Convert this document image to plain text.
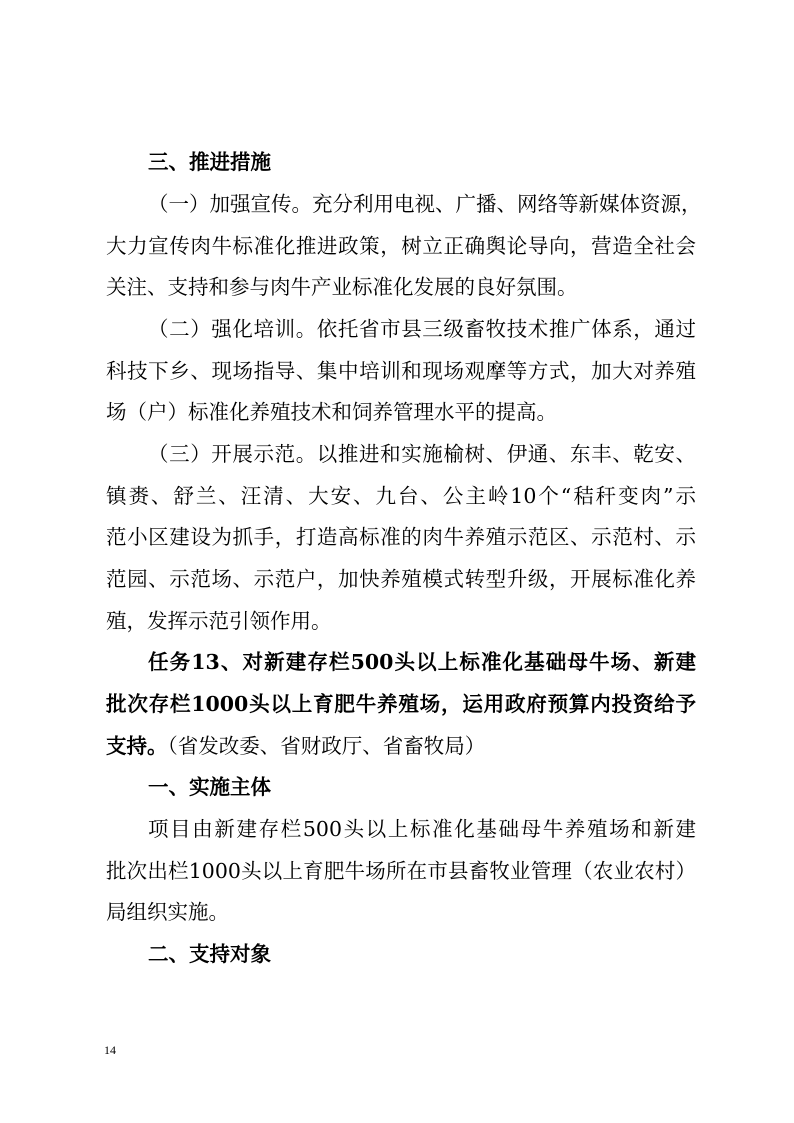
三、推进措施
（一）加强宣传。充分利用电视、广播、网络等新媒体资源，
大力宣传肉牛标准化推进政策，树立正确舆论导向，营造全社会
关注、支持和参与肉牛产业标准化发展的良好氛围。
（二）强化培训。依托省市县三级畜牧技术推广体系，通过
科技下乡、现场指导、集中培训和现场观摩等方式，加大对养殖
场（户）标准化养殖技术和饲养管理水平的提高。
（三）开展示范。以推进和实施榆树、伊通、东丰、乾安、
镇赉、舒兰、汪清、大安、九台、公主岭10个“秸秆变肉”示
范小区建设为抓手，打造高标准的肉牛养殖示范区、示范村、示
范园、示范场、示范户，加快养殖模式转型升级，开展标准化养
殖，发挥示范引领作用。
任务13、对新建存栏500头以上标准化基础母牛场、新建
批次存栏1000头以上育肥牛养殖场，运用政府预算内投资给予
支持。（省发改委、省财政厅、省畜牧局）
一、实施主体
项目由新建存栏500头以上标准化基础母牛养殖场和新建
批次出栏1000头以上育肥牛场所在市县畜牧业管理（农业农村）
局组织实施。
二、支持对象
14
